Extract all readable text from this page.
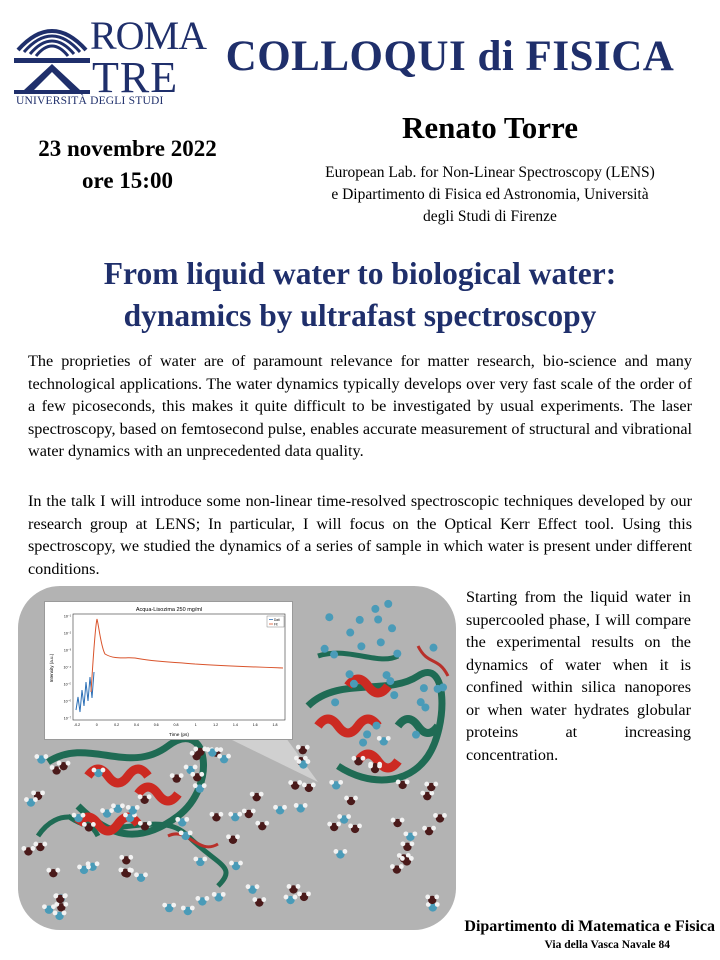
ROMA
TRE
UNIVERSITÀ DEGLI STUDI
COLLOQUI di FISICA
23 novembre 2022
ore 15:00
Renato Torre
European Lab. for Non-Linear Spectroscopy (LENS)
e Dipartimento di Fisica ed Astronomia, Università
degli Studi di Firenze
From liquid water to biological water:
dynamics by ultrafast spectroscopy
The proprieties of water are of paramount relevance for matter research, bio-science and many technological applications. The water dynamics typically develops over very fast scale of the order of a few picoseconds, this makes it quite difficult to be investigated by usual experiments. The laser spectroscopy, based on femtosecond pulse, enables accurate measurement of structural and vibrational water dynamics with an unprecedented data quality.
In the talk I will introduce some non-linear time-resolved spectroscopic techniques developed by our research group at LENS; In particular, I will focus on the Optical Kerr Effect tool. Using this spectroscopy, we studied the dynamics of a series of sample in which water is present under different conditions.
Starting from the liquid water in supercooled phase, I will compare the experimental results on the dynamics of water when it is confined within silica nanopores or when water hydrates globular proteins at increasing concentration.
Acqua-Lisozima 250 mg/ml
10⁻¹
10⁻²
10⁻³
10⁻⁴
10⁻⁵
10⁻⁶
10⁻⁷
-0.2	0	0.2	0.4	0.6	0.8	1	1.2	1.4	1.6	1.8
Intensity (a.u.)
Time (ps)
Dati
Fit
Dipartimento di Matematica e Fisica
Via della Vasca Navale 84
